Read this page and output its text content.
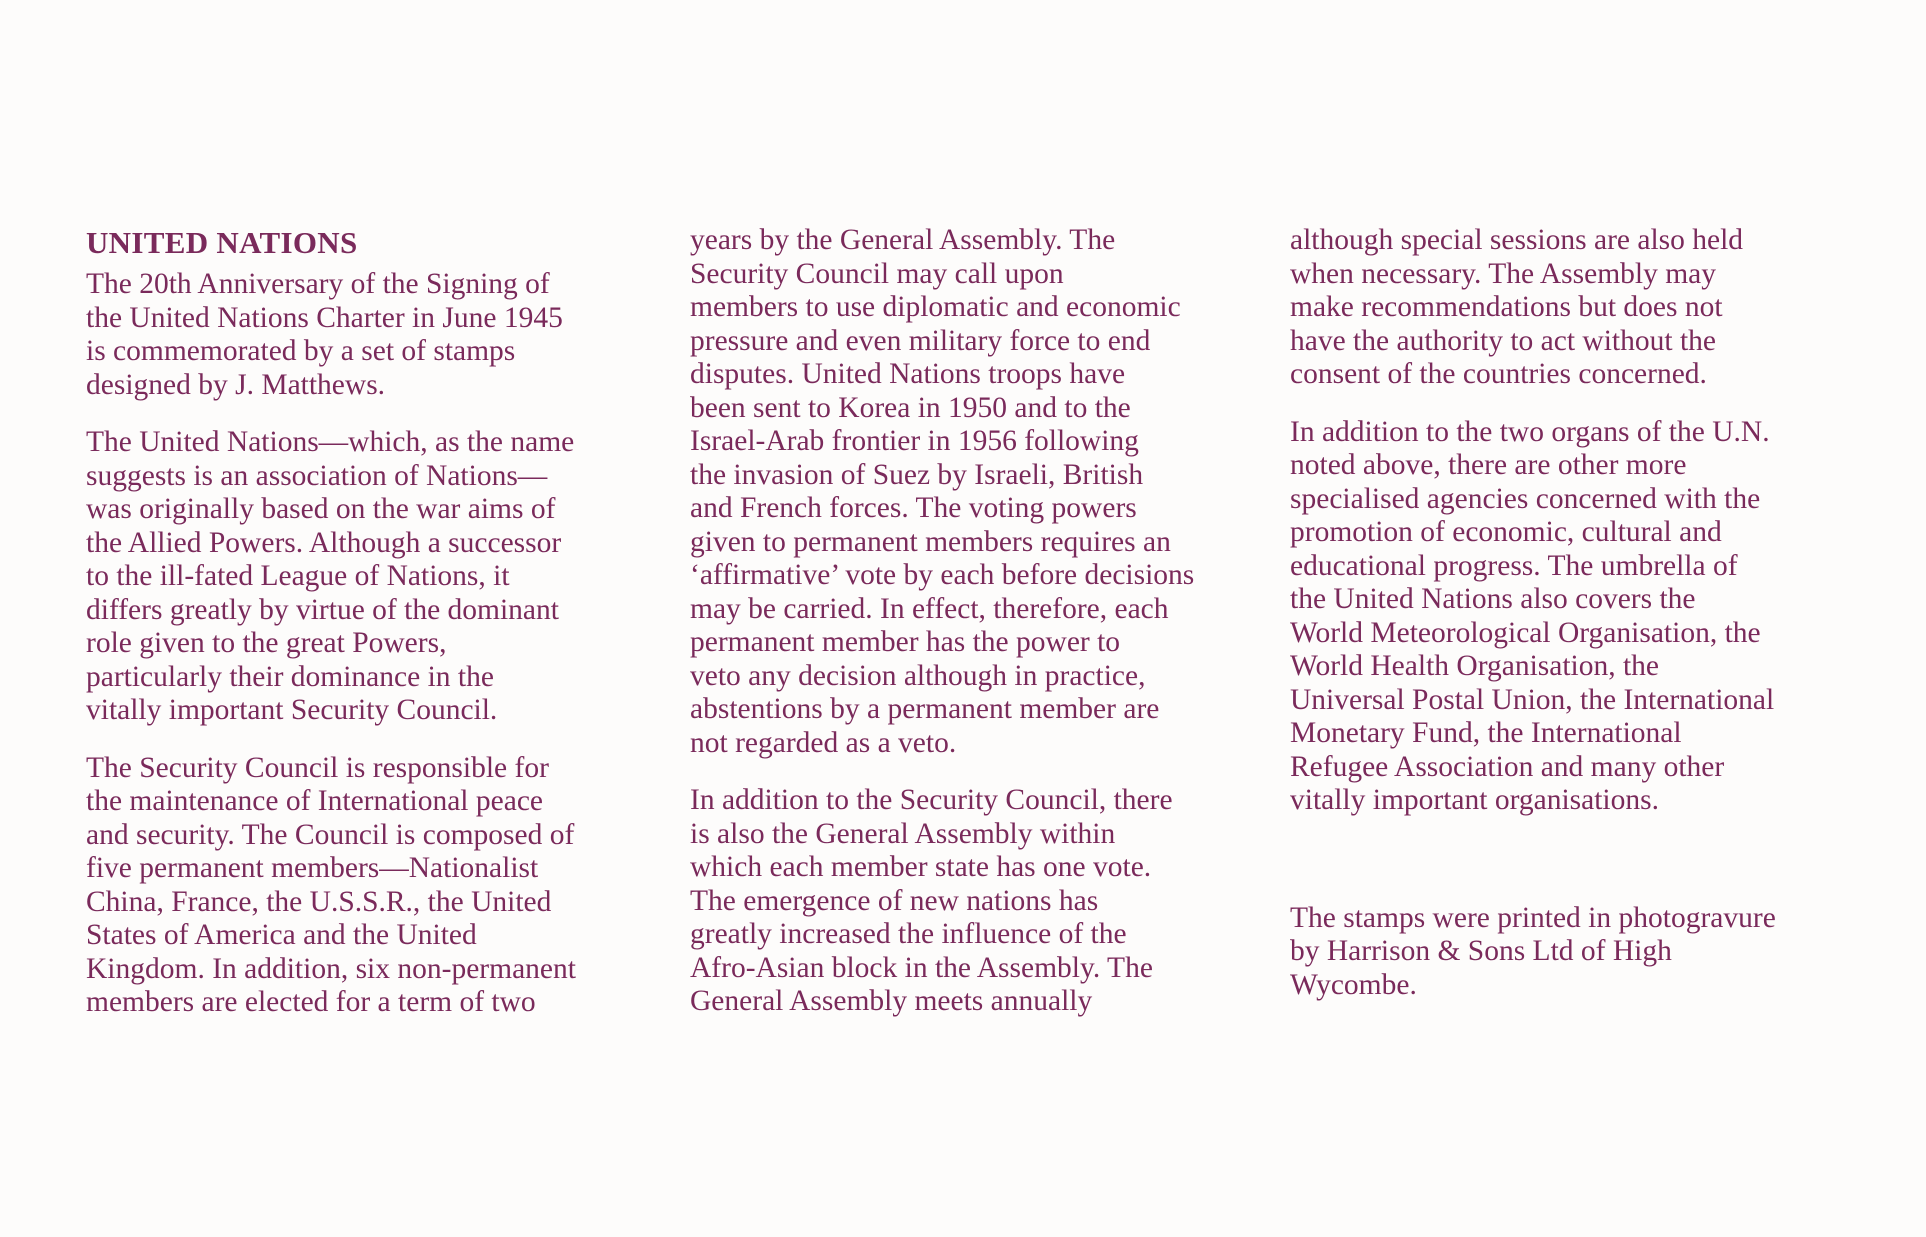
UNITED NATIONS

The 20th Anniversary of the Signing of
the United Nations Charter in June 1945
is commemorated by a set of stamps
designed by J. Matthews.

The United Nations—which, as the name
suggests is an association of Nations—
was originally based on the war aims of
the Allied Powers. Although a successor
to the ill-fated League of Nations, it
differs greatly by virtue of the dominant
role given to the great Powers,
particularly their dominance in the
vitally important Security Council.

The Security Council is responsible for
the maintenance of International peace
and security. The Council is composed of
five permanent members—Nationalist
China, France, the U.S.S.R., the United
States of America and the United
Kingdom. In addition, six non-permanent
members are elected for a term of two

years by the General Assembly. The
Security Council may call upon
members to use diplomatic and economic
pressure and even military force to end
disputes. United Nations troops have
been sent to Korea in 1950 and to the
Israel-Arab frontier in 1956 following
the invasion of Suez by Israeli, British
and French forces. The voting powers
given to permanent members requires an
‘affirmative’ vote by each before decisions
may be carried. In effect, therefore, each
permanent member has the power to
veto any decision although in practice,
abstentions by a permanent member are
not regarded as a veto.

In addition to the Security Council, there
is also the General Assembly within
which each member state has one vote.
The emergence of new nations has
greatly increased the influence of the
Afro-Asian block in the Assembly. The
General Assembly meets annually

although special sessions are also held
when necessary. The Assembly may
make recommendations but does not
have the authority to act without the
consent of the countries concerned.

In addition to the two organs of the U.N.
noted above, there are other more
specialised agencies concerned with the
promotion of economic, cultural and
educational progress. The umbrella of
the United Nations also covers the
World Meteorological Organisation, the
World Health Organisation, the
Universal Postal Union, the International
Monetary Fund, the International
Refugee Association and many other
vitally important organisations.

The stamps were printed in photogravure
by Harrison & Sons Ltd of High
Wycombe.
